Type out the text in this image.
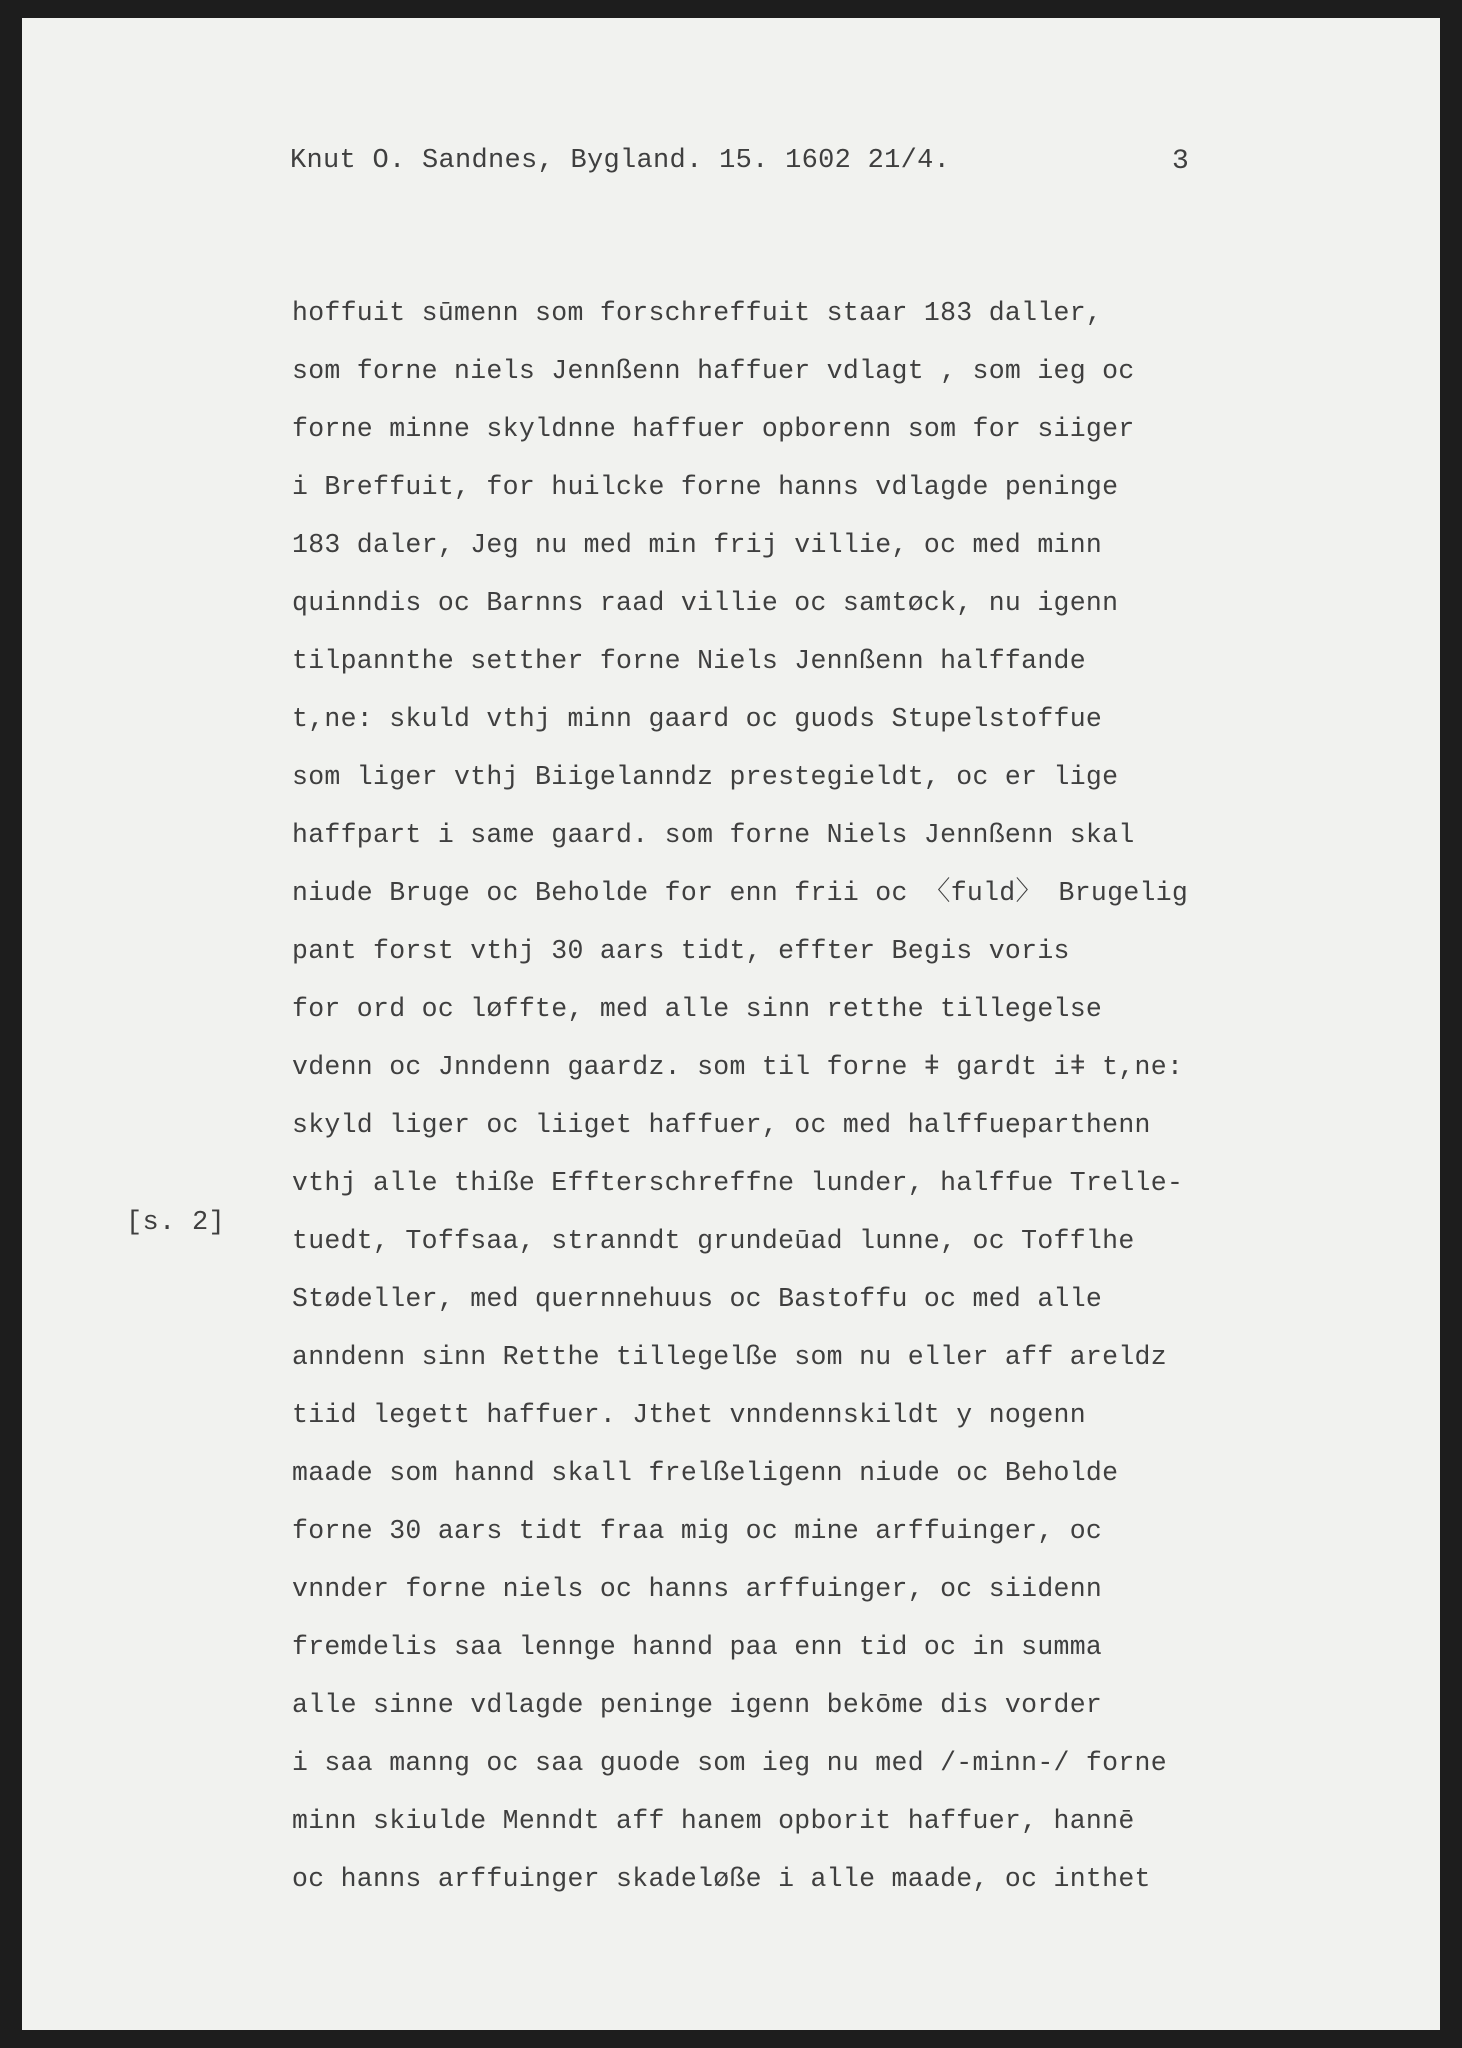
Knut O. Sandnes, Bygland. 15. 1602 21/4.	3
[s. 2]
hoffuit sūmenn som forschreffuit staar 183 daller,
som forne niels Jennßenn haffuer vdlagt , som ieg oc
forne minne skyldnne haffuer opborenn som for siiger
i Breffuit, for huilcke forne hanns vdlagde peninge
183 daler, Jeg nu med min frij villie, oc med minn
quinndis oc Barnns raad villie oc samtøck, nu igenn
tilpannthe setther forne Niels Jennßenn halffande
t,ne: skuld vthj minn gaard oc guods Stupelstoffue
som liger vthj Biigelanndz prestegieldt, oc er lige
haffpart i same gaard. som forne Niels Jennßenn skal
niude Bruge oc Beholde for enn frii oc 〈fuld〉 Brugelig
pant forst vthj 30 aars tidt, effter Begis voris
for ord oc løffte, med alle sinn retthe tillegelse
vdenn oc Jnndenn gaardz. som til forne ǂ gardt iǂ t,ne:
skyld liger oc liiget haffuer, oc med halffueparthenn
vthj alle thiße Effterschreffne lunder, halffue Trelle-
tuedt, Toffsaa, stranndt grundeūad lunne, oc Tofflhe
Stødeller, med quernnehuus oc Bastoffu oc med alle
anndenn sinn Retthe tillegelße som nu eller aff areldz
tiid legett haffuer. Jthet vnndennskildt y nogenn
maade som hannd skall frelßeligenn niude oc Beholde
forne 30 aars tidt fraa mig oc mine arffuinger, oc
vnnder forne niels oc hanns arffuinger, oc siidenn
fremdelis saa lennge hannd paa enn tid oc in summa
alle sinne vdlagde peninge igenn bekōme dis vorder
i saa manng oc saa guode som ieg nu med /-minn-/ forne
minn skiulde Menndt aff hanem opborit haffuer, hannē
oc hanns arffuinger skadeløße i alle maade, oc inthet
